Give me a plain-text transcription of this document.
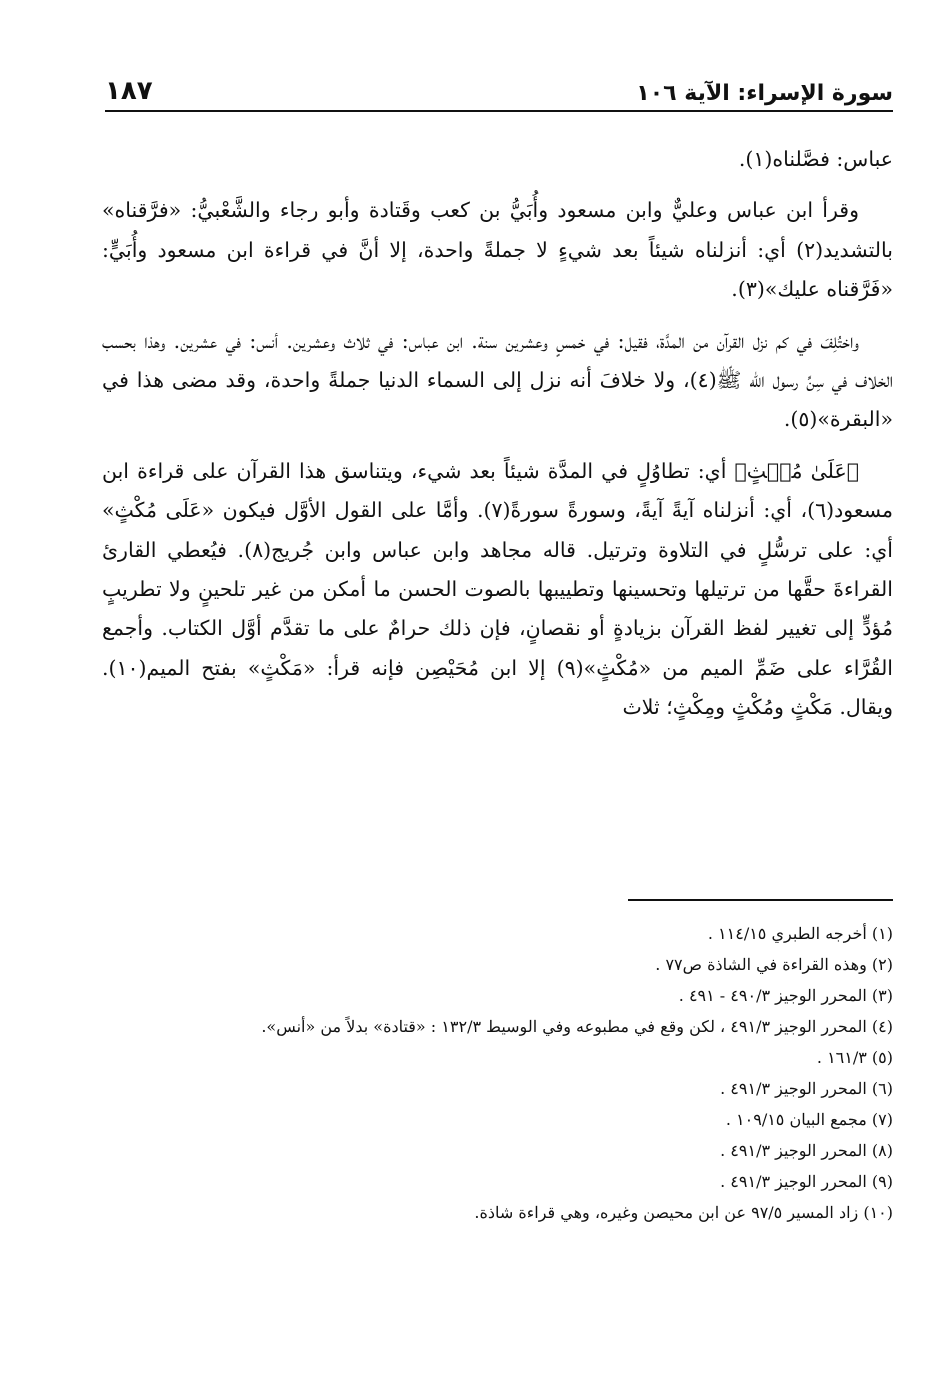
سورة الإسراء: الآية ١٠٦
١٨٧

عباس: فصَّلناه(١).

وقرأ ابن عباس وعليٌّ وابن مسعود وأُبَيُّ بن كعب وقَتادة وأبو رجاء والشَّعْبيُّ: «فرَّقناه» بالتشديد(٢) أي: أنزلناه شيئاً بعد شيءٍ لا جملةً واحدة، إلا أنَّ في قراءة ابن مسعود وأُبَيٍّ: «فَرَّقناه عليك»(٣).

واختُلِفَ في كم نزل القرآن من المدَّة، فقيل: في خمسٍ وعشرين سنة. ابن عباس: في ثلاث وعشرين. أنس: في عشرين. وهذا بحسب الخلاف في سِنِّ رسول الله ﷺ(٤)، ولا خلافَ أنه نزل إلى السماء الدنيا جملةً واحدة، وقد مضى هذا في «البقرة»(٥).

﴿عَلَىٰ مُكۡثٍ﴾ أي: تطاوُلٍ في المدَّة شيئاً بعد شيء، ويتناسق هذا القرآن على قراءة ابن مسعود(٦)، أي: أنزلناه آيةً آيةً، وسورةً سورةً(٧). وأمَّا على القول الأوَّل فيكون «عَلَى مُكْثٍ» أي: على ترسُّلٍ في التلاوة وترتيل. قاله مجاهد وابن عباس وابن جُريج(٨). فيُعطي القارئ القراءةَ حقَّها من ترتيلها وتحسينها وتطييبها بالصوت الحسن ما أمكن من غير تلحينٍ ولا تطريبٍ مُؤدٍّ إلى تغيير لفظ القرآن بزيادةٍ أو نقصانٍ، فإن ذلك حرامٌ على ما تقدَّم أوَّل الكتاب. وأجمع القُرَّاء على ضَمِّ الميم من «مُكْثٍ»(٩) إلا ابن مُحَيْصِن فإنه قرأ: «مَكْثٍ» بفتح الميم(١٠). ويقال. مَكْثٍ ومُكْثٍ ومِكْثٍ؛ ثلاث

(١) أخرجه الطبري ١١٤/١٥ .
(٢) وهذه القراءة في الشاذة ص٧٧ .
(٣) المحرر الوجيز ٤٩٠/٣ - ٤٩١ .
(٤) المحرر الوجيز ٤٩١/٣ ، لكن وقع في مطبوعه وفي الوسيط ١٣٢/٣ : «قتادة» بدلاً من «أنس».
(٥) ١٦١/٣ .
(٦) المحرر الوجيز ٤٩١/٣ .
(٧) مجمع البيان ١٠٩/١٥ .
(٨) المحرر الوجيز ٤٩١/٣ .
(٩) المحرر الوجيز ٤٩١/٣ .
(١٠) زاد المسير ٩٧/٥ عن ابن محيصن وغيره، وهي قراءة شاذة.
